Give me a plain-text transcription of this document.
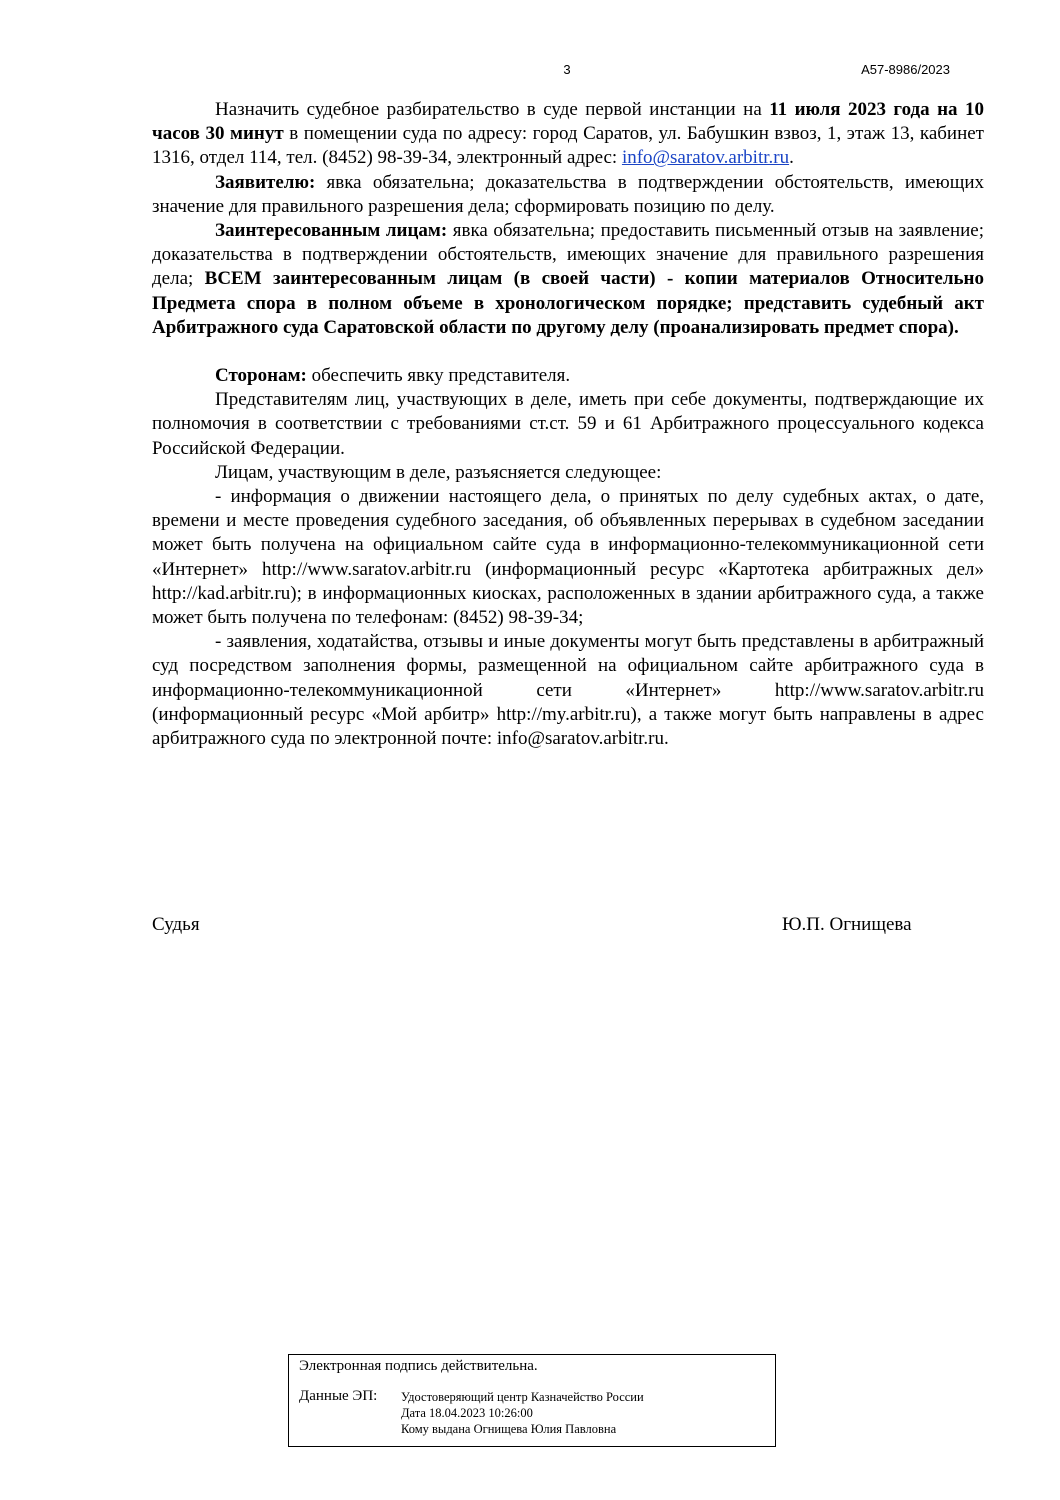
3	А57-8986/2023

Назначить судебное разбирательство в суде первой инстанции на 11 июля 2023 года на 10 часов 30 минут в помещении суда по адресу: город Саратов, ул. Бабушкин взвоз, 1, этаж 13, кабинет 1316, отдел 114, тел. (8452) 98-39-34, электронный адрес: info@saratov.arbitr.ru.

Заявителю: явка обязательна; доказательства в подтверждении обстоятельств, имеющих значение для правильного разрешения дела; сформировать позицию по делу.

Заинтересованным лицам: явка обязательна; предоставить письменный отзыв на заявление; доказательства в подтверждении обстоятельств, имеющих значение для правильного разрешения дела; ВСЕМ заинтересованным лицам (в своей части) - копии материалов Относительно Предмета спора в полном объеме в хронологическом порядке; представить судебный акт Арбитражного суда Саратовской области по другому делу (проанализировать предмет спора).

Сторонам: обеспечить явку представителя.

Представителям лиц, участвующих в деле, иметь при себе документы, подтверждающие их полномочия в соответствии с требованиями ст.ст. 59 и 61 Арбитражного процессуального кодекса Российской Федерации.

Лицам, участвующим в деле, разъясняется следующее:

- информация о движении настоящего дела, о принятых по делу судебных актах, о дате, времени и месте проведения судебного заседания, об объявленных перерывах в судебном заседании может быть получена на официальном сайте суда в информационно-телекоммуникационной сети «Интернет» http://www.saratov.arbitr.ru (информационный ресурс «Картотека арбитражных дел» http://kad.arbitr.ru); в информационных киосках, расположенных в здании арбитражного суда, а также может быть получена по телефонам: (8452) 98-39-34;

- заявления, ходатайства, отзывы и иные документы могут быть представлены в арбитражный суд посредством заполнения формы, размещенной на официальном сайте арбитражного суда в информационно-телекоммуникационной сети «Интернет» http://www.saratov.arbitr.ru (информационный ресурс «Мой арбитр» http://my.arbitr.ru), а также могут быть направлены в адрес арбитражного суда по электронной почте: info@saratov.arbitr.ru.

Судья	Ю.П. Огнищева
Электронная подпись действительна.
Данные ЭП: Удостоверяющий центр Казначейство России
Дата 18.04.2023 10:26:00
Кому выдана Огнищева Юлия Павловна
